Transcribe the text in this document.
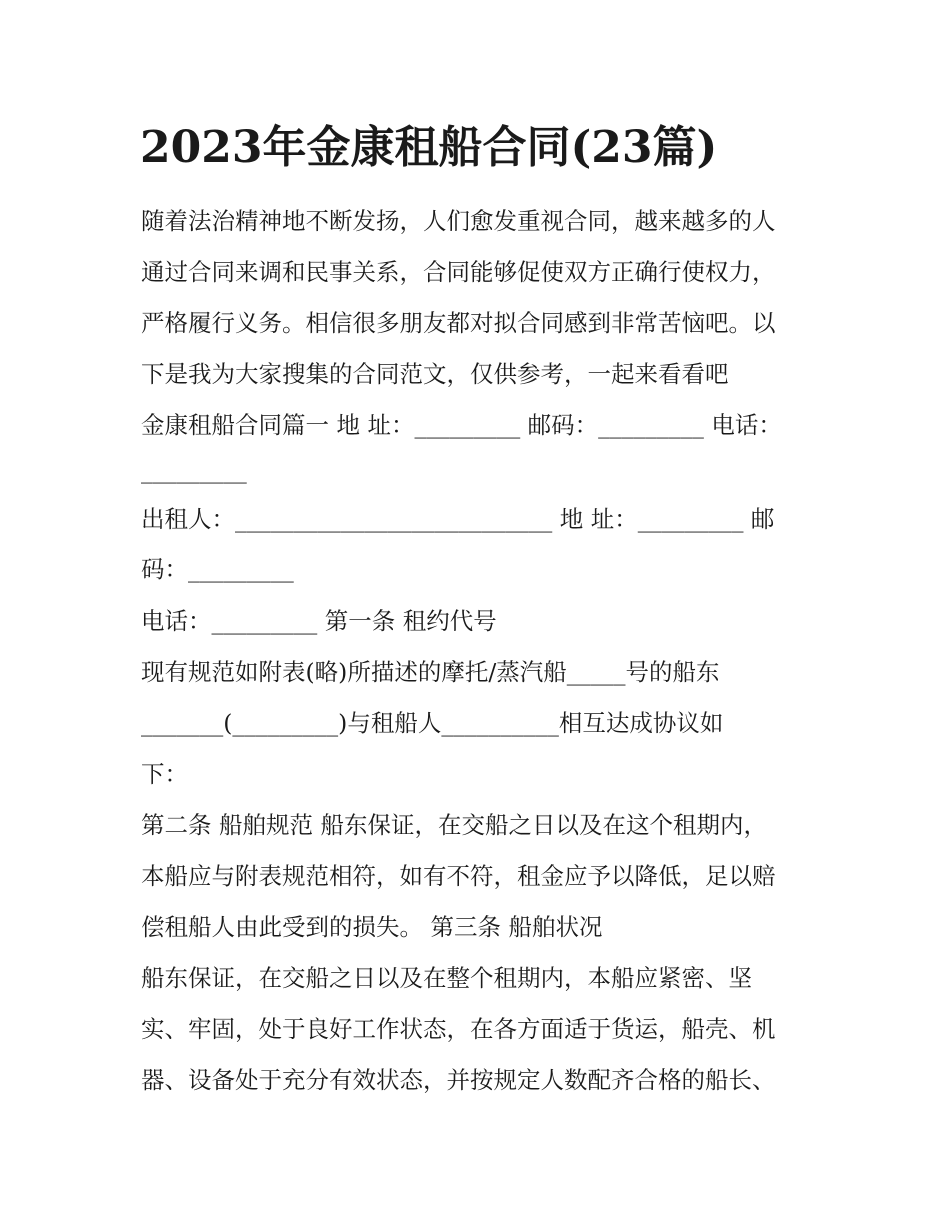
2023年金康租船合同(23篇)

随着法治精神地不断发扬，人们愈发重视合同，越来越多的人

通过合同来调和民事关系，合同能够促使双方正确行使权力，

严格履行义务。相信很多朋友都对拟合同感到非常苦恼吧。以

下是我为大家搜集的合同范文，仅供参考，一起来看看吧

金康租船合同篇一 地 址：_________ 邮码：_________ 电话：

_________

出租人：___________________________ 地 址：_________ 邮

码：_________

电话：_________ 第一条 租约代号

现有规范如附表(略)所描述的摩托/蒸汽船_____号的船东

_______(_________)与租船人__________相互达成协议如

下：

第二条 船舶规范 船东保证，在交船之日以及在这个租期内，

本船应与附表规范相符，如有不符，租金应予以降低，足以赔

偿租船人由此受到的损失。 第三条 船舶状况

船东保证，在交船之日以及在整个租期内，本船应紧密、坚

实、牢固，处于良好工作状态，在各方面适于货运，船壳、机

器、设备处于充分有效状态，并按规定人数配齐合格的船长、
